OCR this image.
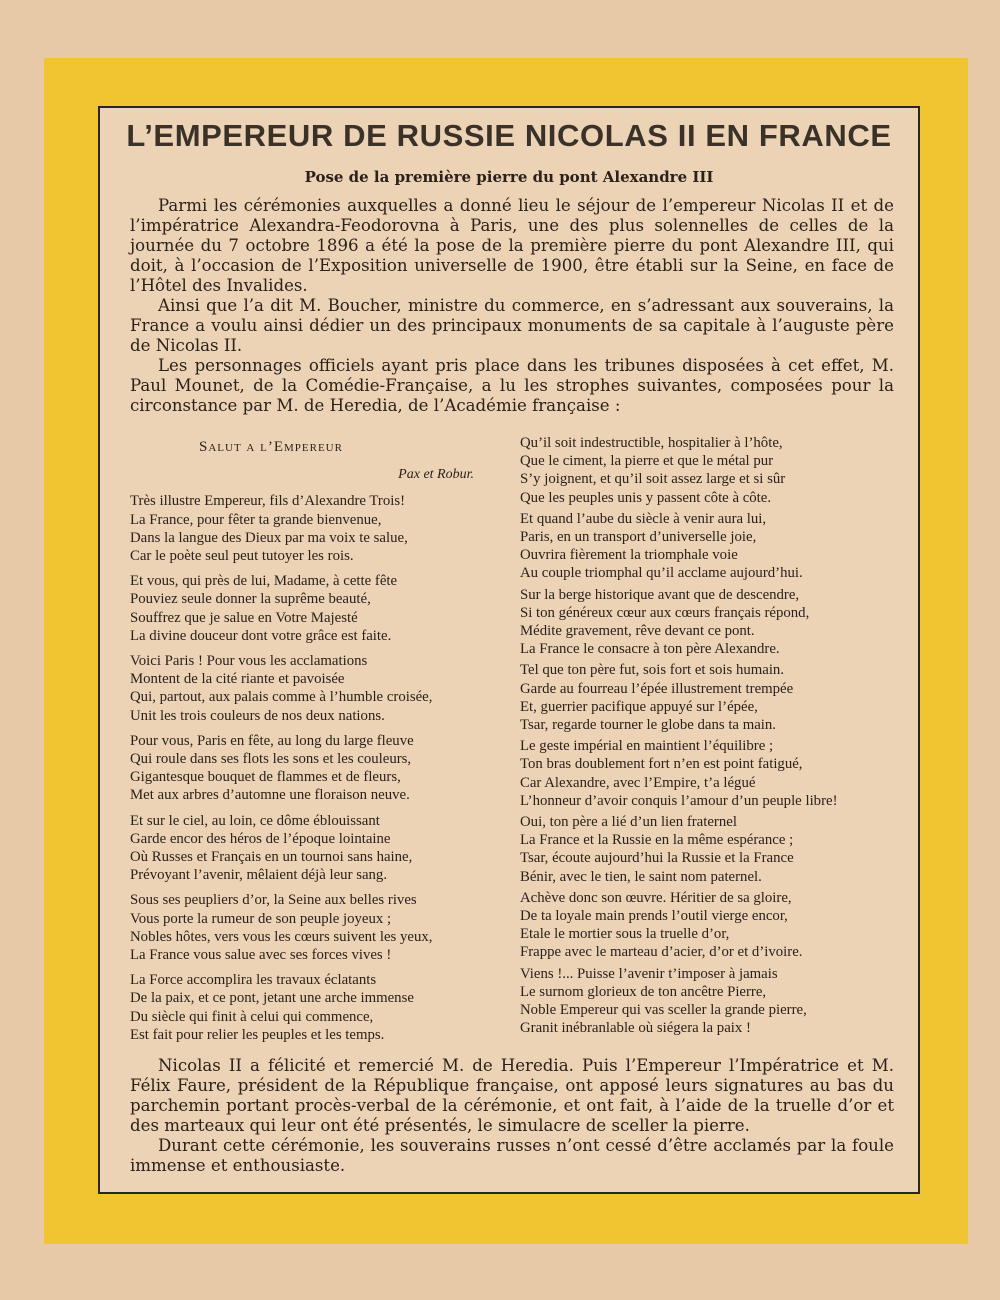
L’EMPEREUR DE RUSSIE NICOLAS II EN FRANCE
Pose de la première pierre du pont Alexandre III

Parmi les cérémonies auxquelles a donné lieu le séjour de l’empereur Nicolas II et de l’impératrice Alexandra-Feodorovna à Paris, une des plus solennelles de celles de la journée du 7 octobre 1896 a été la pose de la première pierre du pont Alexandre III, qui doit, à l’occasion de l’Exposition universelle de 1900, être établi sur la Seine, en face de l’Hôtel des Invalides.

Ainsi que l’a dit M. Boucher, ministre du commerce, en s’adressant aux souverains, la France a voulu ainsi dédier un des principaux monuments de sa capitale à l’auguste père de Nicolas II.

Les personnages officiels ayant pris place dans les tribunes disposées à cet effet, M. Paul Mounet, de la Comédie-Française, a lu les strophes suivantes, composées pour la circonstance par M. de Heredia, de l’Académie française :

Salut a l’Empereur
Pax et Robur.
Très illustre Empereur, fils d’Alexandre Trois!
La France, pour fêter ta grande bienvenue,
Dans la langue des Dieux par ma voix te salue,
Car le poète seul peut tutoyer les rois.
Et vous, qui près de lui, Madame, à cette fête
Pouviez seule donner la suprême beauté,
Souffrez que je salue en Votre Majesté
La divine douceur dont votre grâce est faite.
Voici Paris ! Pour vous les acclamations
Montent de la cité riante et pavoisée
Qui, partout, aux palais comme à l’humble croisée,
Unit les trois couleurs de nos deux nations.
Pour vous, Paris en fête, au long du large fleuve
Qui roule dans ses flots les sons et les couleurs,
Gigantesque bouquet de flammes et de fleurs,
Met aux arbres d’automne une floraison neuve.
Et sur le ciel, au loin, ce dôme éblouissant
Garde encor des héros de l’époque lointaine
Où Russes et Français en un tournoi sans haine,
Prévoyant l’avenir, mêlaient déjà leur sang.
Sous ses peupliers d’or, la Seine aux belles rives
Vous porte la rumeur de son peuple joyeux ;
Nobles hôtes, vers vous les cœurs suivent les yeux,
La France vous salue avec ses forces vives !
La Force accomplira les travaux éclatants
De la paix, et ce pont, jetant une arche immense
Du siècle qui finit à celui qui commence,
Est fait pour relier les peuples et les temps.
Qu’il soit indestructible, hospitalier à l’hôte,
Que le ciment, la pierre et que le métal pur
S’y joignent, et qu’il soit assez large et si sûr
Que les peuples unis y passent côte à côte.
Et quand l’aube du siècle à venir aura lui,
Paris, en un transport d’universelle joie,
Ouvrira fièrement la triomphale voie
Au couple triomphal qu’il acclame aujourd’hui.
Sur la berge historique avant que de descendre,
Si ton généreux cœur aux cœurs français répond,
Médite gravement, rêve devant ce pont.
La France le consacre à ton père Alexandre.
Tel que ton père fut, sois fort et sois humain.
Garde au fourreau l’épée illustrement trempée
Et, guerrier pacifique appuyé sur l’épée,
Tsar, regarde tourner le globe dans ta main.
Le geste impérial en maintient l’équilibre ;
Ton bras doublement fort n’en est point fatigué,
Car Alexandre, avec l’Empire, t’a légué
L’honneur d’avoir conquis l’amour d’un peuple libre!
Oui, ton père a lié d’un lien fraternel
La France et la Russie en la même espérance ;
Tsar, écoute aujourd’hui la Russie et la France
Bénir, avec le tien, le saint nom paternel.
Achève donc son œuvre. Héritier de sa gloire,
De ta loyale main prends l’outil vierge encor,
Etale le mortier sous la truelle d’or,
Frappe avec le marteau d’acier, d’or et d’ivoire.
Viens !... Puisse l’avenir t’imposer à jamais
Le surnom glorieux de ton ancêtre Pierre,
Noble Empereur qui vas sceller la grande pierre,
Granit inébranlable où siégera la paix !

Nicolas II a félicité et remercié M. de Heredia. Puis l’Empereur l’Impératrice et M. Félix Faure, président de la République française, ont apposé leurs signatures au bas du parchemin portant procès-verbal de la cérémonie, et ont fait, à l’aide de la truelle d’or et des marteaux qui leur ont été présentés, le simulacre de sceller la pierre.

Durant cette cérémonie, les souverains russes n’ont cessé d’être acclamés par la foule immense et enthousiaste.
